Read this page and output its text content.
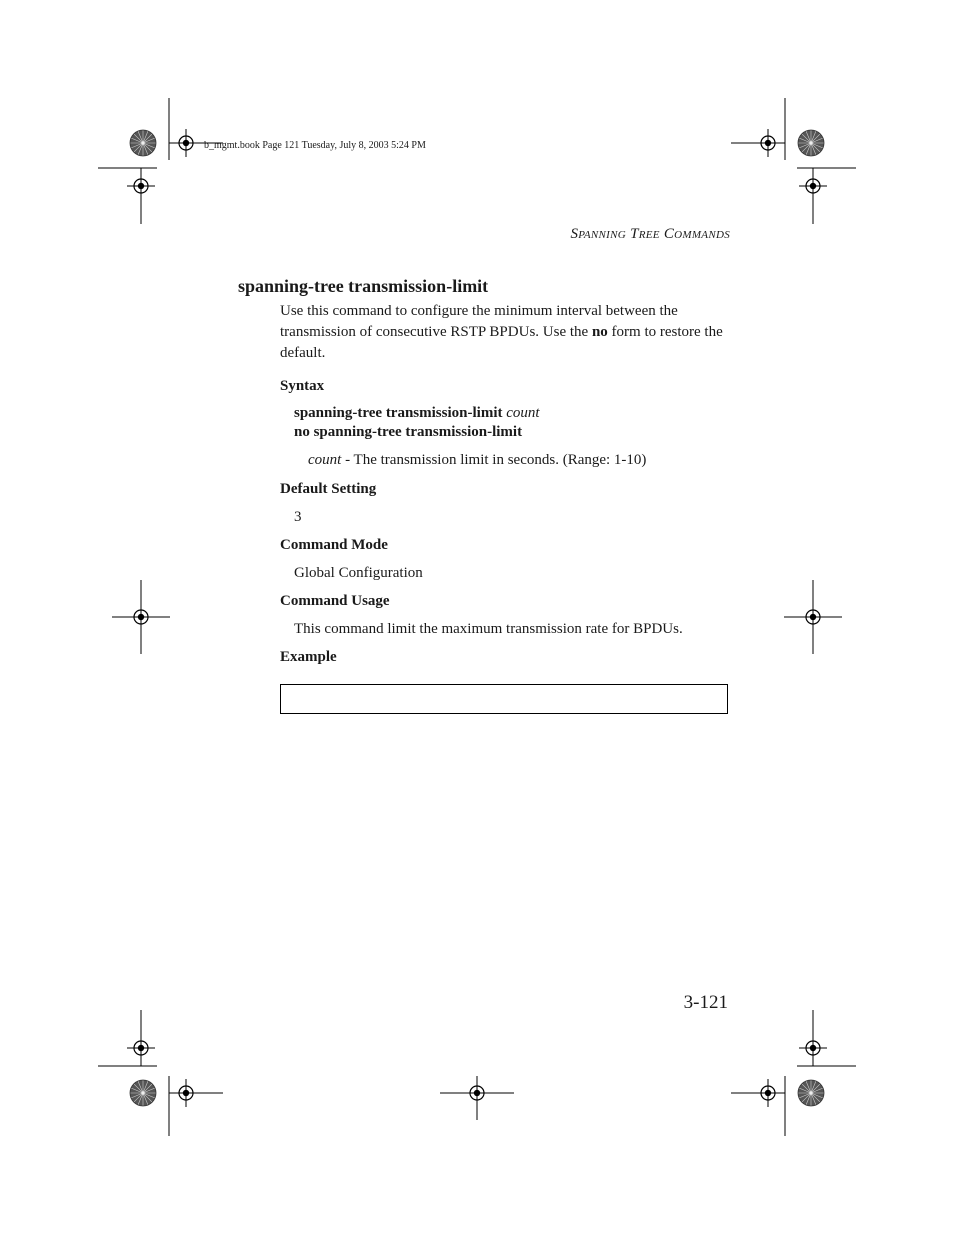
b_mgmt.book Page 121 Tuesday, July 8, 2003 5:24 PM
Spanning Tree Commands
spanning-tree transmission-limit
Use this command to configure the minimum interval between the transmission of consecutive RSTP BPDUs. Use the no form to restore the default.
Syntax
spanning-tree transmission-limit count
no spanning-tree transmission-limit
count - The transmission limit in seconds. (Range: 1-10)
Default Setting
3
Command Mode
Global Configuration
Command Usage
This command limit the maximum transmission rate for BPDUs.
Example
3-121
